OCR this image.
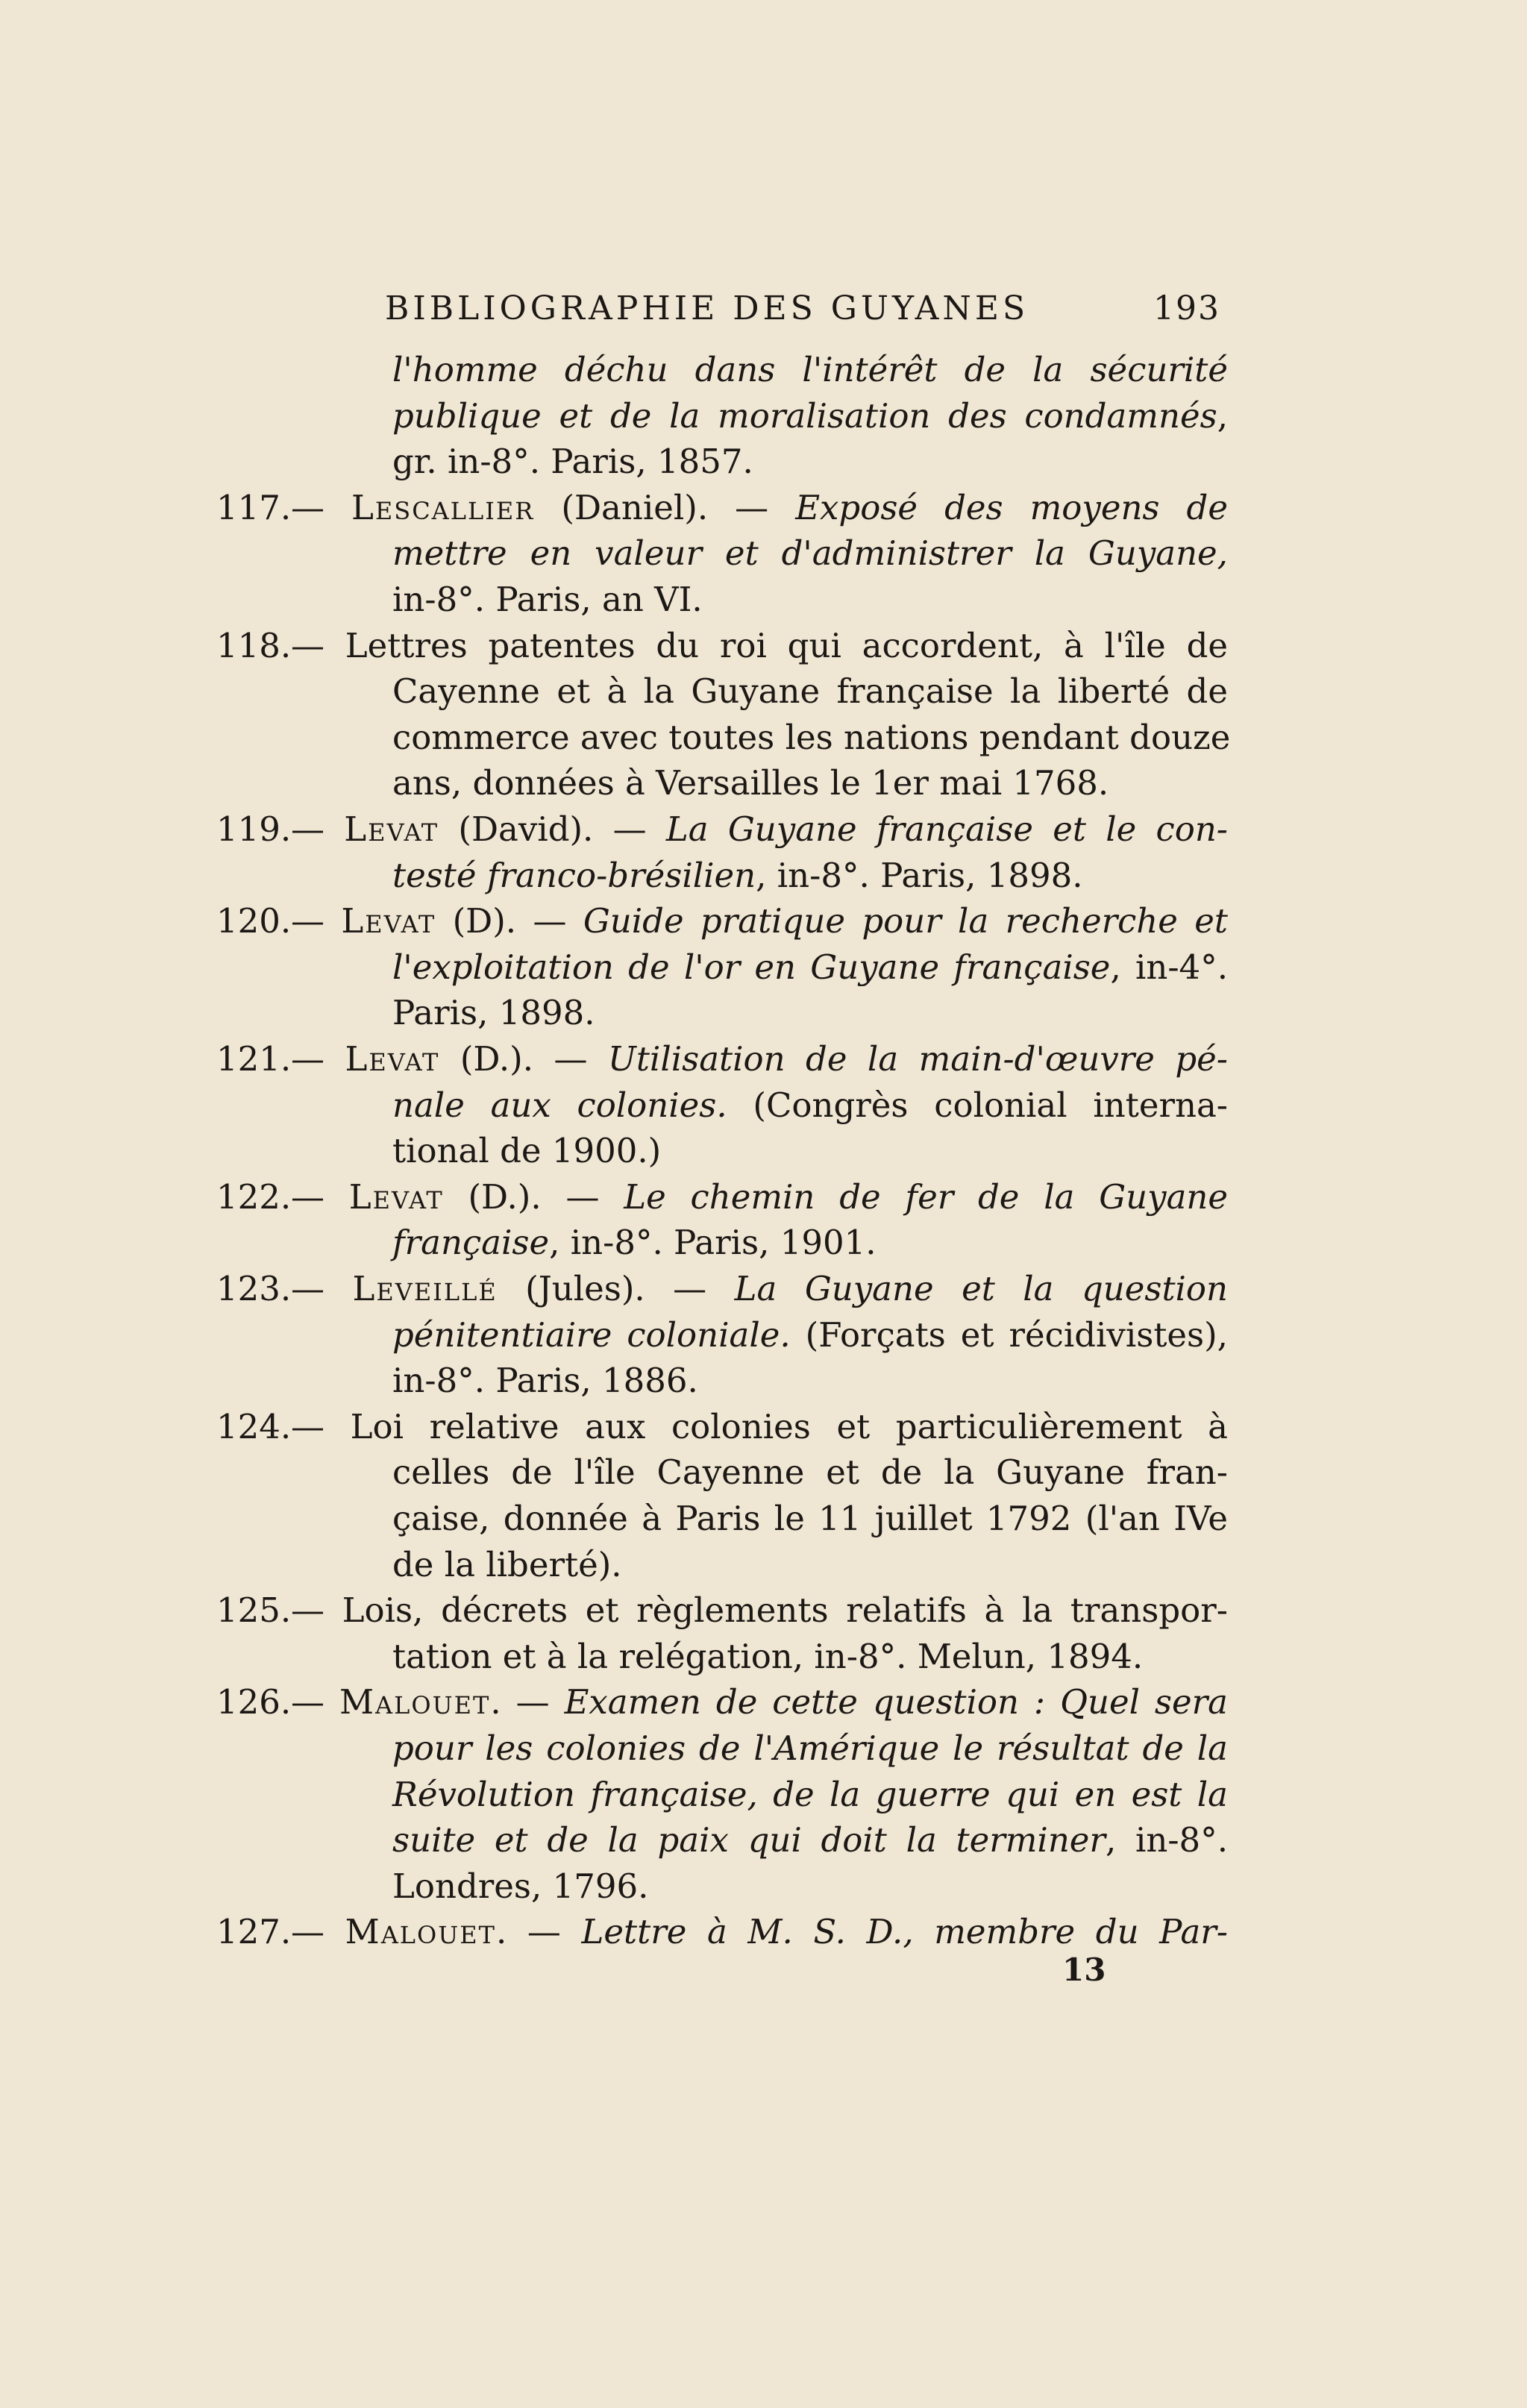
BIBLIOGRAPHIE DES GUYANES	193
l'homme déchu dans l'intérêt de la sécurité
publique et de la moralisation des condamnés,
gr. in-8°. Paris, 1857.
117.— Lescallier (Daniel). — Exposé des moyens de
mettre en valeur et d'administrer la Guyane,
in-8°. Paris, an VI.
118.— Lettres patentes du roi qui accordent, à l'île de
Cayenne et à la Guyane française la liberté de
commerce avec toutes les nations pendant douze
ans, données à Versailles le 1er mai 1768.
119.— Levat (David). — La Guyane française et le con-
testé franco-brésilien, in-8°. Paris, 1898.
120.— Levat (D). — Guide pratique pour la recherche et
l'exploitation de l'or en Guyane française, in-4°.
Paris, 1898.
121.— Levat (D.). — Utilisation de la main-d'œuvre pé-
nale aux colonies. (Congrès colonial interna-
tional de 1900.)
122.— Levat (D.). — Le chemin de fer de la Guyane
française, in-8°. Paris, 1901.
123.— Leveillé (Jules). — La Guyane et la question
pénitentiaire coloniale. (Forçats et récidivistes),
in-8°. Paris, 1886.
124.— Loi relative aux colonies et particulièrement à
celles de l'île Cayenne et de la Guyane fran-
çaise, donnée à Paris le 11 juillet 1792 (l'an IVe
de la liberté).
125.— Lois, décrets et règlements relatifs à la transpor-
tation et à la relégation, in-8°. Melun, 1894.
126.— Malouet. — Examen de cette question : Quel sera
pour les colonies de l'Amérique le résultat de la
Révolution française, de la guerre qui en est la
suite et de la paix qui doit la terminer, in-8°.
Londres, 1796.
127.— Malouet. — Lettre à M. S. D., membre du Par-
13
